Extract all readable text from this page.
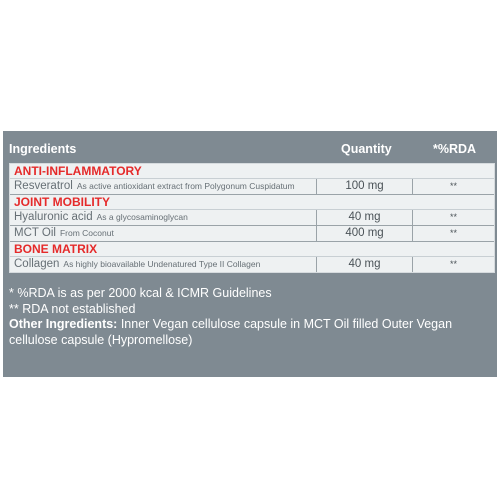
Ingredients	Quantity	*%RDA
ANTI-INFLAMMATORY
Resveratrol As active antioxidant extract from Polygonum Cuspidatum	100 mg	**
JOINT MOBILITY
Hyaluronic acid As a glycosaminoglycan	40 mg	**
MCT Oil From Coconut	400 mg	**
BONE MATRIX
Collagen As highly bioavailable Undenatured Type II Collagen	40 mg	**
* %RDA is as per 2000 kcal & ICMR Guidelines
** RDA not established
Other Ingredients: Inner Vegan cellulose capsule in MCT Oil filled Outer Vegan cellulose capsule (Hypromellose)
